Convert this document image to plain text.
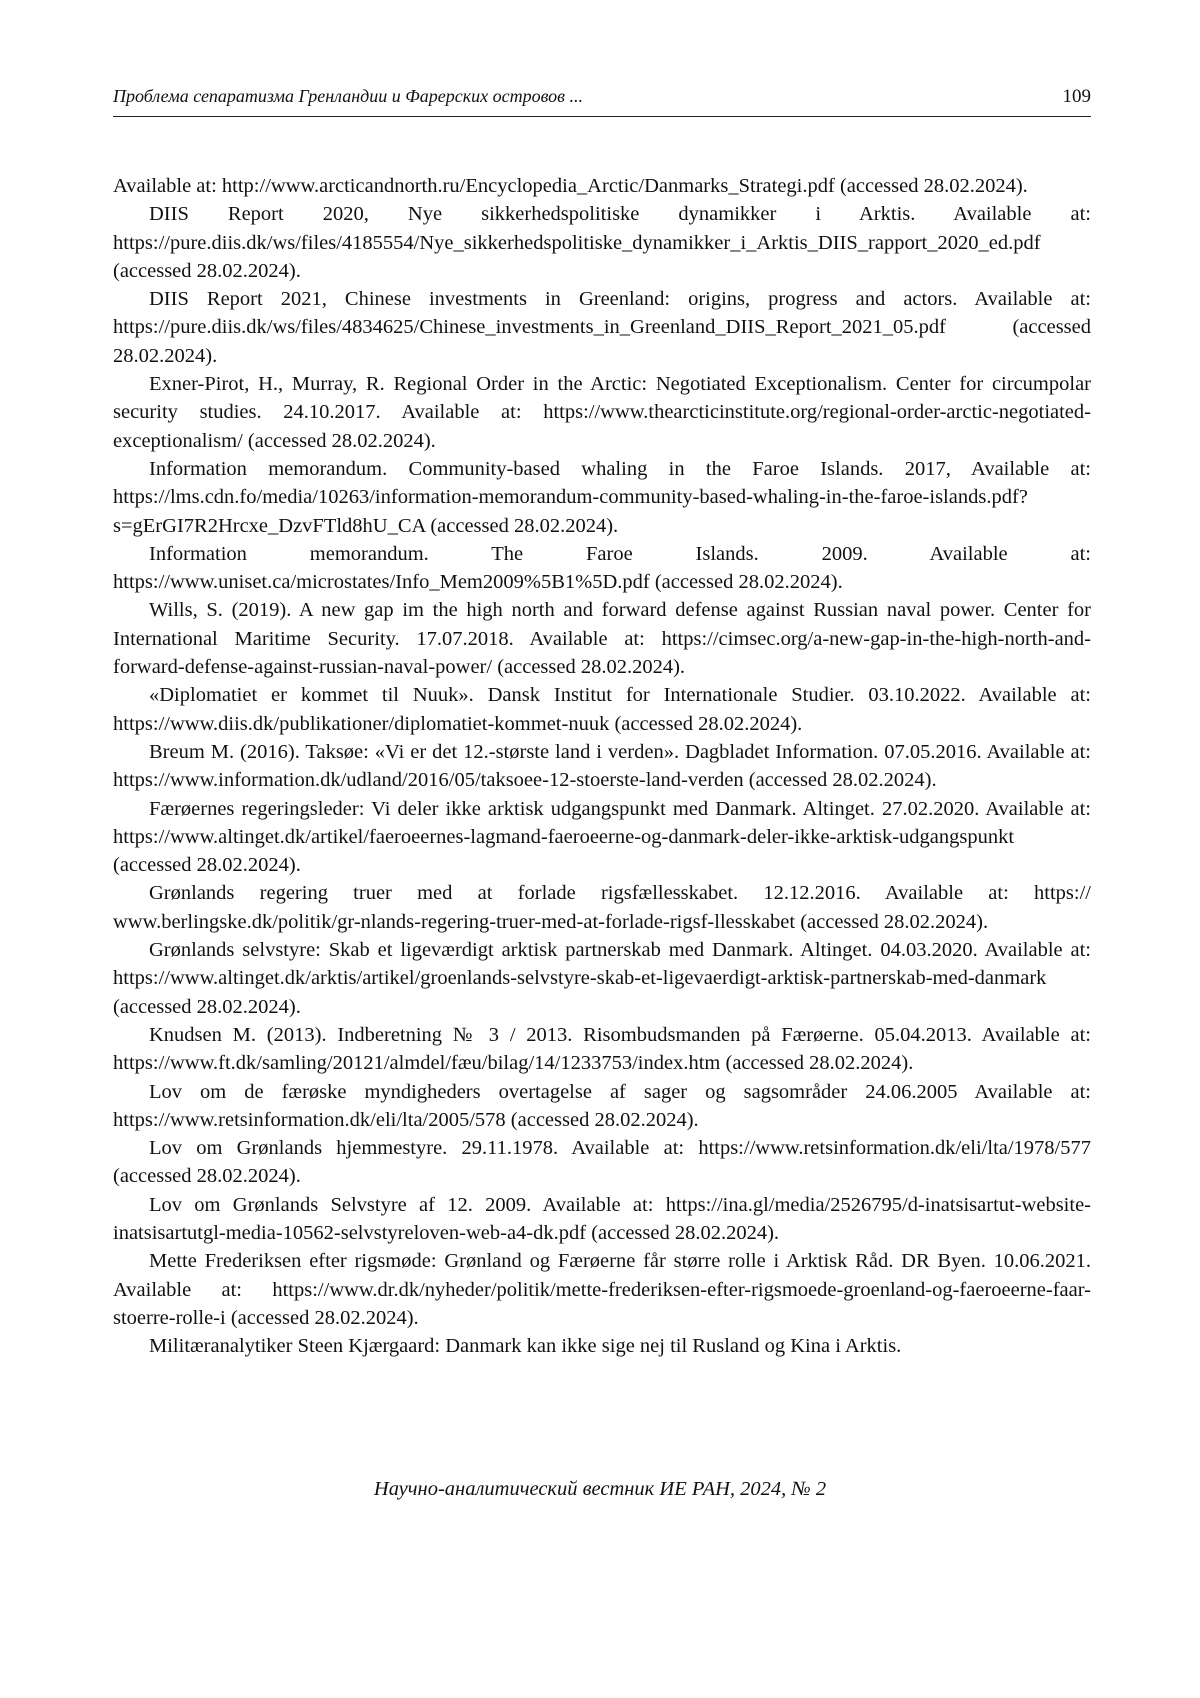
Проблема сепаратизма Гренландии и Фарерских островов ...	109

Available at: http://www.arcticandnorth.ru/Encyclopedia_Arctic/Danmarks_Strategi.pdf (accessed 28.02.2024).

DIIS Report 2020, Nye sikkerhedspolitiske dynamikker i Arktis. Available at: https://pure.diis.dk/ws/files/4185554/Nye_sikkerhedspolitiske_dynamikker_i_Arktis_DIIS_rapport_2020_ed.pdf (accessed 28.02.2024).

DIIS Report 2021, Chinese investments in Greenland: origins, progress and actors. Available at: https://pure.diis.dk/ws/files/4834625/Chinese_investments_in_Greenland_DIIS_Report_2021_05.pdf (accessed 28.02.2024).

Exner-Pirot, H., Murray, R. Regional Order in the Arctic: Negotiated Exceptionalism. Center for circumpolar security studies. 24.10.2017. Available at: https://www.thearcticinstitute.org/regional-order-arctic-negotiated-exceptionalism/ (accessed 28.02.2024).

Information memorandum. Community-based whaling in the Faroe Islands. 2017, Available at: https://lms.cdn.fo/media/10263/information-memorandum-community-based-whaling-in-the-faroe-islands.pdf?s=gErGI7R2Hrcxe_DzvFTld8hU_CA (accessed 28.02.2024).

Information memorandum. The Faroe Islands. 2009. Available at: https://www.uniset.ca/microstates/Info_Mem2009%5B1%5D.pdf (accessed 28.02.2024).

Wills, S. (2019). A new gap im the high north and forward defense against Russian naval power. Center for International Maritime Security. 17.07.2018. Available at: https://cimsec.org/a-new-gap-in-the-high-north-and-forward-defense-against-russian-naval-power/ (accessed 28.02.2024).

«Diplomatiet er kommet til Nuuk». Dansk Institut for Internationale Studier. 03.10.2022. Available at: https://www.diis.dk/publikationer/diplomatiet-kommet-nuuk (accessed 28.02.2024).

Breum M. (2016). Taksøe: «Vi er det 12.-største land i verden». Dagbladet Information. 07.05.2016. Available at: https://www.information.dk/udland/2016/05/taksoee-12-stoerste-land-verden (accessed 28.02.2024).

Færøernes regeringsleder: Vi deler ikke arktisk udgangspunkt med Danmark. Altinget. 27.02.2020. Available at: https://www.altinget.dk/artikel/faeroeernes-lagmand-faeroeerne-og-danmark-deler-ikke-arktisk-udgangspunkt (accessed 28.02.2024).

Grønlands regering truer med at forlade rigsfællesskabet. 12.12.2016. Available at: https:// www.berlingske.dk/politik/gr-nlands-regering-truer-med-at-forlade-rigsf-llesskabet (accessed 28.02.2024).

Grønlands selvstyre: Skab et ligeværdigt arktisk partnerskab med Danmark. Altinget. 04.03.2020. Available at: https://www.altinget.dk/arktis/artikel/groenlands-selvstyre-skab-et-ligevaerdigt-arktisk-partnerskab-med-danmark (accessed 28.02.2024).

Knudsen M. (2013). Indberetning № 3 / 2013. Risombudsmanden på Færøerne. 05.04.2013. Available at: https://www.ft.dk/samling/20121/almdel/fæu/bilag/14/1233753/index.htm (accessed 28.02.2024).

Lov om de færøske myndigheders overtagelse af sager og sagsområder 24.06.2005 Available at: https://www.retsinformation.dk/eli/lta/2005/578 (accessed 28.02.2024).

Lov om Grønlands hjemmestyre. 29.11.1978. Available at: https://www.retsinformation.dk/eli/lta/1978/577 (accessed 28.02.2024).

Lov om Grønlands Selvstyre af 12. 2009. Available at: https://ina.gl/media/2526795/d-inatsisartut-website-inatsisartutgl-media-10562-selvstyreloven-web-a4-dk.pdf (accessed 28.02.2024).

Mette Frederiksen efter rigsmøde: Grønland og Færøerne får større rolle i Arktisk Råd. DR Byen. 10.06.2021. Available at: https://www.dr.dk/nyheder/politik/mette-frederiksen-efter-rigsmoede-groenland-og-faeroeerne-faar-stoerre-rolle-i (accessed 28.02.2024).

Militæranalytiker Steen Kjærgaard: Danmark kan ikke sige nej til Rusland og Kina i Arktis.

Научно-аналитический вестник ИЕ РАН, 2024, № 2
